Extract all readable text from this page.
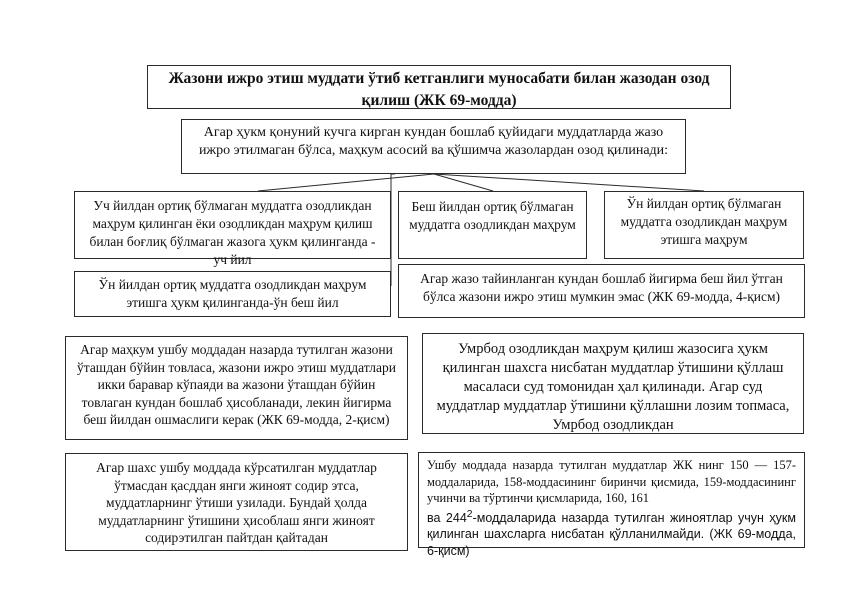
Жазони ижро этиш муддати ўтиб кетганлиги муносабати билан жазодан озод қилиш (ЖК 69-модда)

Агар ҳукм қонуний кучга кирган кундан бошлаб қуйидаги муддатларда жазо ижро этилмаган бўлса, маҳкум асосий ва қўшимча жазолардан озод қилинади:

Уч йилдан ортиқ бўлмаган муддатга озодликдан маҳрум қилинган ёки озодликдан маҳрум қилиш билан боғлиқ бўлмаган жазога ҳукм қилинганда - уч йил

Беш йилдан ортиқ бўлмаган муддатга озодликдан маҳрум

Ўн йилдан ортиқ бўлмаган муддатга озодликдан маҳрум этишга маҳрум

Ўн йилдан ортиқ муддатга озодликдан маҳрум этишга ҳукм қилинганда-ўн беш йил

Агар жазо тайинланган кундан бошлаб йигирма беш йил ўтган бўлса жазони ижро этиш мумкин эмас (ЖК 69-модда, 4-қисм)

Агар маҳкум ушбу моддадан назарда тутилган жазони ўташдан бўйин товласа, жазони ижро этиш муддатлари икки баравар кўпаяди ва жазони ўташдан бўйин товлаган кундан бошлаб ҳисобланади, лекин йигирма беш йилдан ошмаслиги керак (ЖК 69-модда, 2-қисм)

Умрбод озодликдан маҳрум қилиш жазосига ҳукм қилинган шахсга нисбатан муддатлар ўтишини қўллаш масаласи суд томонидан ҳал қилинади. Агар суд муддатлар муддатлар ўтишини қўллашни лозим топмаса, Умрбод озодликдан

Агар шахс ушбу моддада кўрсатилган муддатлар ўтмасдан қасддан янги жиноят содир этса, муддатларнинг ўтиши узилади. Бундай ҳолда муддатларнинг ўтишини ҳисоблаш янги жиноят содирэтилган пайтдан қайтадан

Ушбу моддада назарда тутилган муддатлар ЖК нинг 150 — 157-моддаларида, 158-моддасининг биринчи қисмида, 159-моддасининг учинчи ва тўртинчи қисмларида, 160, 161

ва $244^2$-моддаларида назарда тутилган жиноятлар учун ҳукм қилинган шахсларга нисбатан қўлланилмайди. (ЖК 69-модда, 6-қисм)
